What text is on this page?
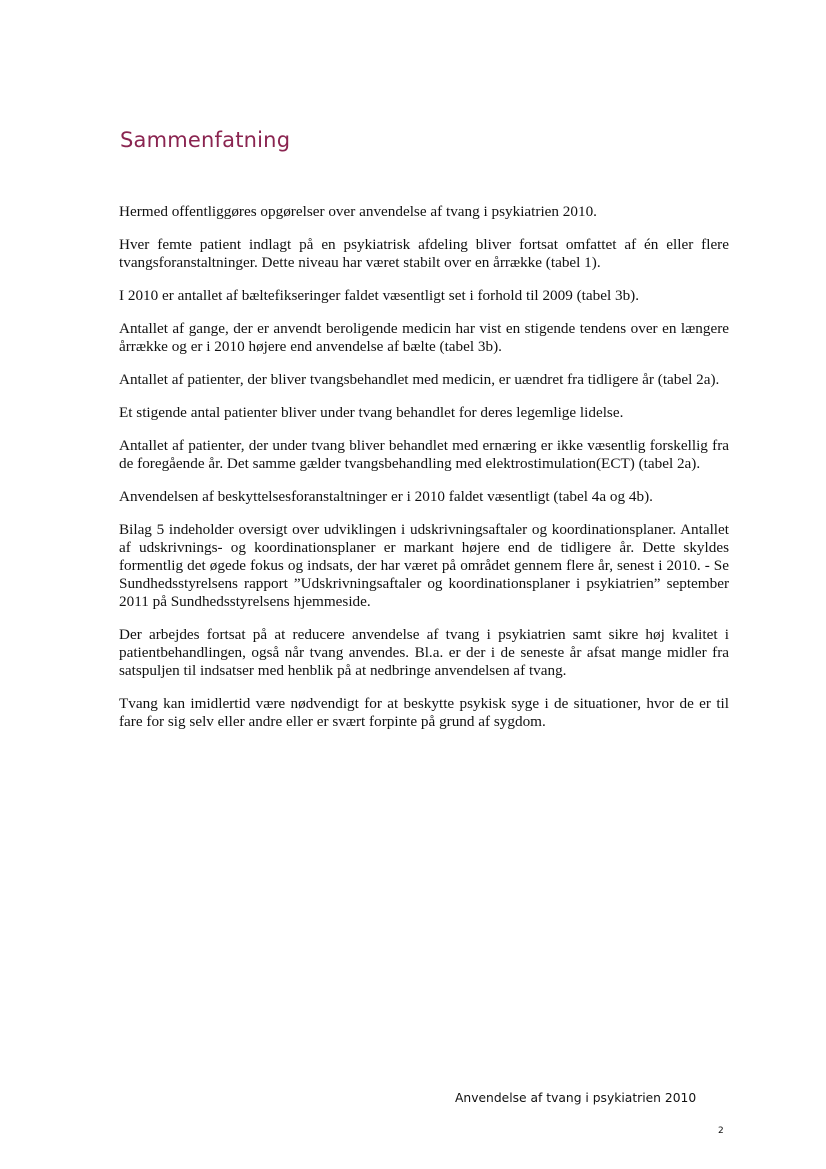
Sammenfatning

Hermed offentliggøres opgørelser over anvendelse af tvang i psykiatrien 2010.

Hver femte patient indlagt på en psykiatrisk afdeling bliver fortsat omfattet af én eller flere tvangsforanstaltninger. Dette niveau har været stabilt over en årrække (tabel 1).

I 2010 er antallet af bæltefikseringer faldet væsentligt set i forhold til 2009 (tabel 3b).

Antallet af gange, der er anvendt beroligende medicin har vist en stigende tendens over en længere årrække og er i 2010 højere end anvendelse af bælte (tabel 3b).

Antallet af patienter, der bliver tvangsbehandlet med medicin, er uændret fra tidligere år (tabel 2a).

Et stigende antal patienter bliver under tvang behandlet for deres legemlige lidelse.

Antallet af patienter, der under tvang bliver behandlet med ernæring er ikke væsentlig forskellig fra de foregående år. Det samme gælder tvangsbehandling med elektrostimulation(ECT) (tabel 2a).

Anvendelsen af beskyttelsesforanstaltninger er i 2010 faldet væsentligt (tabel 4a og 4b).

Bilag 5 indeholder oversigt over udviklingen i udskrivningsaftaler og koordinationsplaner. Antallet af udskrivnings- og koordinationsplaner er markant højere end de tidligere år. Dette skyldes formentlig det øgede fokus og indsats, der har været på området gennem flere år, senest i 2010. - Se Sundhedsstyrelsens rapport ”Udskrivningsaftaler og koordinationsplaner i psykiatrien” september 2011 på Sundhedsstyrelsens hjemmeside.

Der arbejdes fortsat på at reducere anvendelse af tvang i psykiatrien samt sikre høj kvalitet i patientbehandlingen, også når tvang anvendes. Bl.a. er der i de seneste år afsat mange midler fra satspuljen til indsatser med henblik på at nedbringe anvendelsen af tvang.

Tvang kan imidlertid være nødvendigt for at beskytte psykisk syge i de situationer, hvor de er til fare for sig selv eller andre eller er svært forpinte på grund af sygdom.

Anvendelse af tvang i psykiatrien 2010
2
